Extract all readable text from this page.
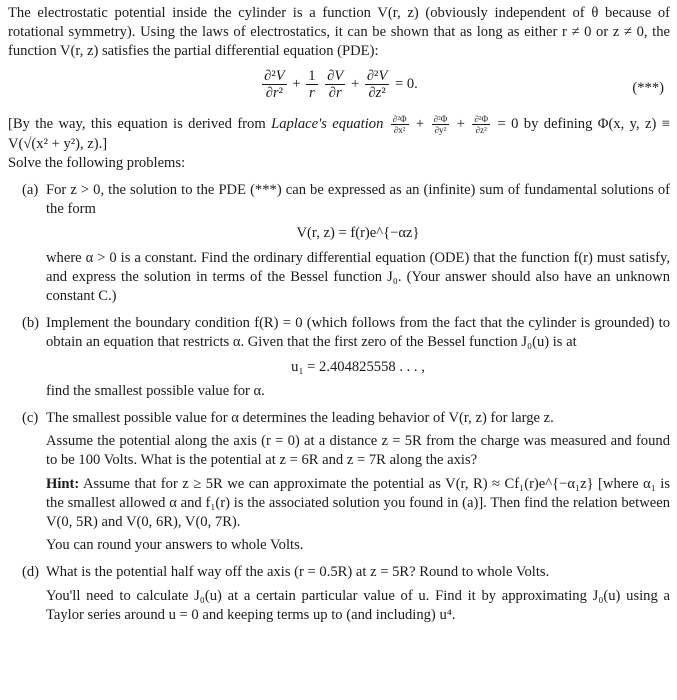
The electrostatic potential inside the cylinder is a function V(r, z) (obviously independent of θ because of rotational symmetry). Using the laws of electrostatics, it can be shown that as long as either r ≠ 0 or z ≠ 0, the function V(r, z) satisfies the partial differential equation (PDE):

$\frac{\text{∂²V}}{\text{∂r²}} + \frac{1}{r}$
$\frac{\partial V}{\partial r} + \frac{\text{∂²V}}{\text{∂z²}} = 0$.	(***)

[By the way, this equation is derived from Laplace's equation $\frac{\text{∂²Φ}}{\text{∂x²}} + \frac{\text{∂²Φ}}{\text{∂y²}} + \frac{\text{∂²Φ}}{\text{∂z²}} = 0$ by defining Φ(x, y, z) ≡ V(√(x² + y²), z).]

Solve the following problems:

(a) For z > 0, the solution to the PDE (***) can be expressed as an (infinite) sum of fundamental solutions of the form

V(r, z) = f(r)e^{−αz}

where α > 0 is a constant. Find the ordinary differential equation (ODE) that the function f(r) must satisfy, and express the solution in terms of the Bessel function J₀. (Your answer should also have an unknown constant C.)

(b) Implement the boundary condition f(R) = 0 (which follows from the fact that the cylinder is grounded) to obtain an equation that restricts α. Given that the first zero of the Bessel function J₀(u) is at

u₁ = 2.404825558 . . . ,

find the smallest possible value for α.

(c) The smallest possible value for α determines the leading behavior of V(r, z) for large z.

Assume the potential along the axis (r = 0) at a distance z = 5R from the charge was measured and found to be 100 Volts. What is the potential at z = 6R and z = 7R along the axis?

Hint: Assume that for z ≥ 5R we can approximate the potential as V(r, R) ≈ Cf₁(r)e^{−α₁z} [where α₁ is the smallest allowed α and f₁(r) is the associated solution you found in (a)]. Then find the relation between V(0, 5R) and V(0, 6R), V(0, 7R).

You can round your answers to whole Volts.

(d) What is the potential half way off the axis (r = 0.5R) at z = 5R? Round to whole Volts.

You'll need to calculate J₀(u) at a certain particular value of u. Find it by approximating J₀(u) using a Taylor series around u = 0 and keeping terms up to (and including) u⁴.
